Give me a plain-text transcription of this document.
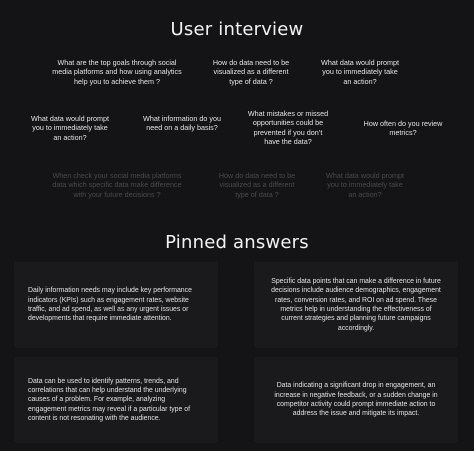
User interview
What are the top goals through social
media platforms and how using analytics
help you to achieve them ?
How do data need to be
visualized as a different
type of data ?
What data would prompt
you to immediately take
an action?
What data would prompt
you to immediately take
an action?
What information do you
need on a daily basis?
What mistakes or missed
opportunities could be
prevented if you don’t
have the data?
How often do you review
metrics?
When check your social media platforms
data which specific data make difference
with your future decisions ?
How do data need to be
visualized as a different
type of data ?
What data would prompt
you to immediately take
an action?
Pinned answers
Daily information needs may include key performance
indicators (KPIs) such as engagement rates, website
traffic, and ad spend, as well as any urgent issues or
developments that require immediate attention.
Specific data points that can make a difference in future
decisions include audience demographics, engagement
rates, conversion rates, and ROI on ad spend. These
metrics help in understanding the effectiveness of
current strategies and planning future campaigns
accordingly.
Data can be used to identify patterns, trends, and
correlations that can help understand the underlying
causes of a problem. For example, analyzing
engagement metrics may reveal if a particular type of
content is not resonating with the audience.
Data indicating a significant drop in engagement, an
increase in negative feedback, or a sudden change in
competitor activity could prompt immediate action to
address the issue and mitigate its impact.
